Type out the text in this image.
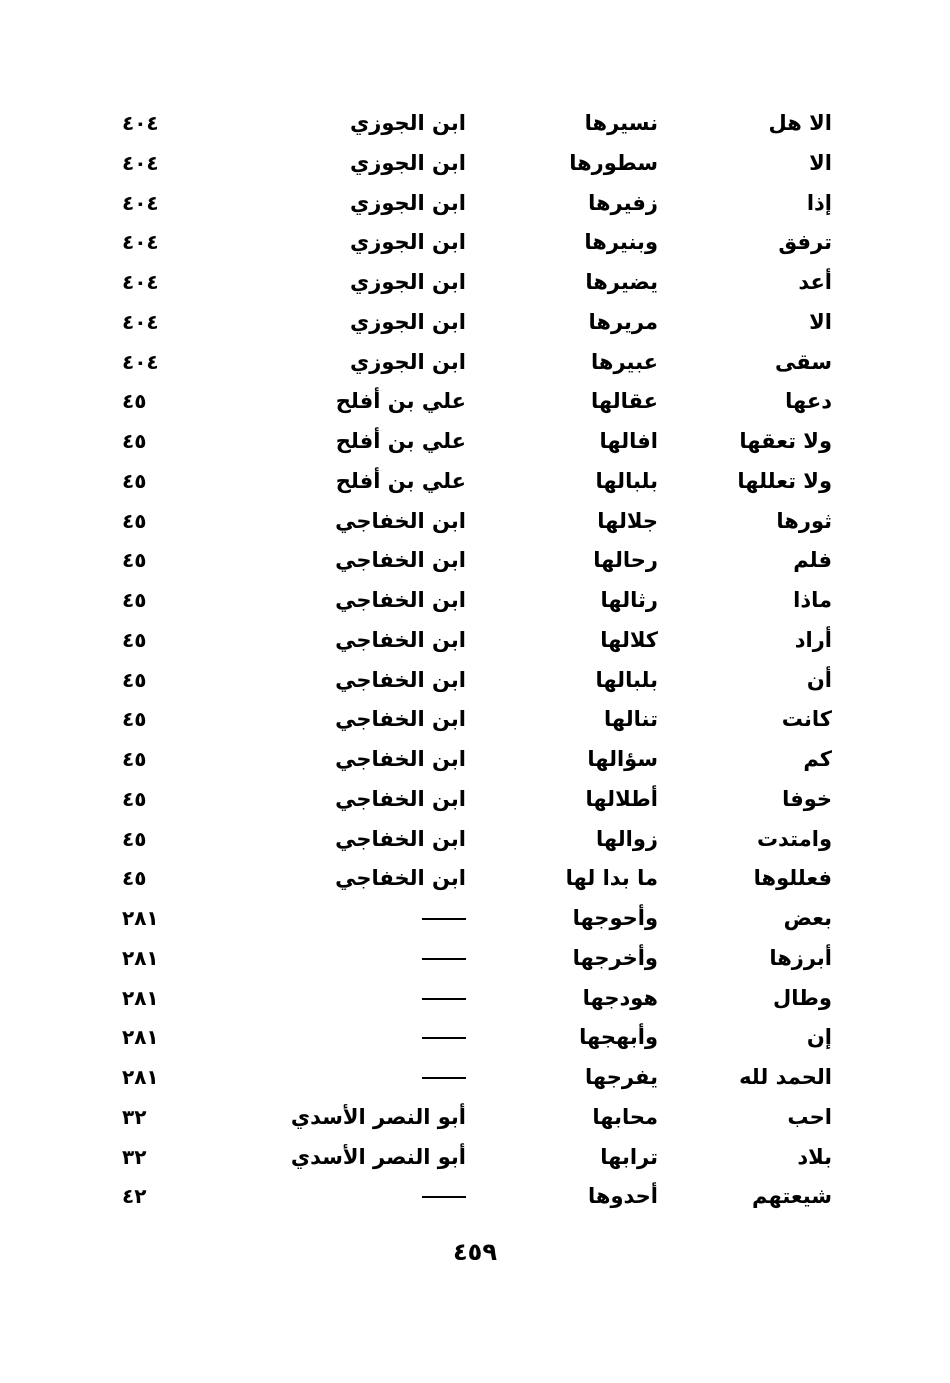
الا هل
نسيرها
ابن الجوزي
٤٠٤
الا
سطورها
ابن الجوزي
٤٠٤
إذا
زفيرها
ابن الجوزي
٤٠٤
ترفق
وبنيرها
ابن الجوزي
٤٠٤
أعد
يضيرها
ابن الجوزي
٤٠٤
الا
مريرها
ابن الجوزي
٤٠٤
سقى
عبيرها
ابن الجوزي
٤٠٤
دعها
عقالها
علي بن أفلح
٤٥
ولا تعقها
افالها
علي بن أفلح
٤٥
ولا تعللها
بلبالها
علي بن أفلح
٤٥
ثورها
جلالها
ابن الخفاجي
٤٥
فلم
رحالها
ابن الخفاجي
٤٥
ماذا
رثالها
ابن الخفاجي
٤٥
أراد
كلالها
ابن الخفاجي
٤٥
أن
بلبالها
ابن الخفاجي
٤٥
كانت
تنالها
ابن الخفاجي
٤٥
كم
سؤالها
ابن الخفاجي
٤٥
خوفا
أطلالها
ابن الخفاجي
٤٥
وامتدت
زوالها
ابن الخفاجي
٤٥
فعللوها
ما بدا لها
ابن الخفاجي
٤٥
بعض
وأحوجها
٢٨١
أبرزها
وأخرجها
٢٨١
وطال
هودجها
٢٨١
إن
وأبهجها
٢٨١
الحمد لله
يفرجها
٢٨١
احب
محابها
أبو النصر الأسدي
٣٢
بلاد
ترابها
أبو النصر الأسدي
٣٢
شيعتهم
أحدوها
٤٢
٤٥٩
